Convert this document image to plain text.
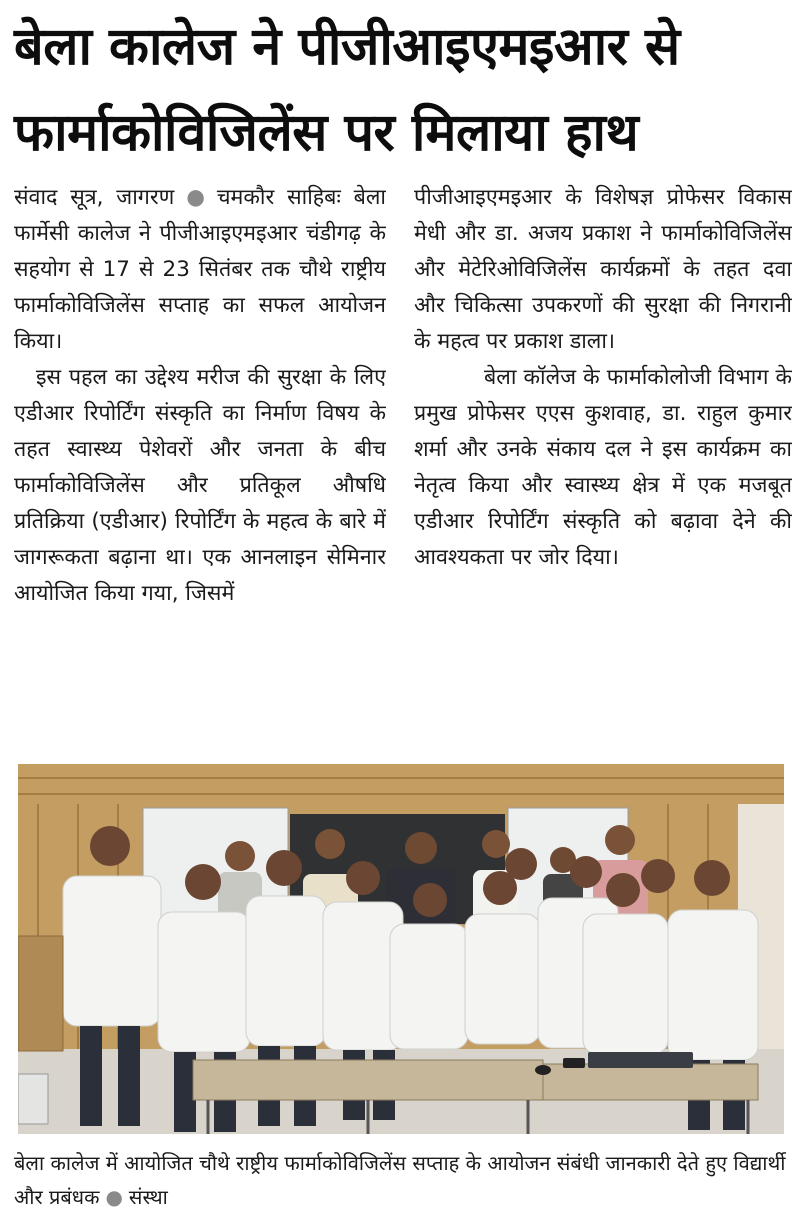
बेला कालेज ने पीजीआइएमइआर से
फार्माकोविजिलेंस पर मिलाया हाथ

संवाद सूत्र, जागरण ● चमकौर साहिबः बेला फार्मेसी कालेज ने पीजीआइएमइआर चंडीगढ़ के सहयोग से 17 से 23 सितंबर तक चौथे राष्ट्रीय फार्माकोविजिलेंस सप्ताह का सफल आयोजन किया।

इस पहल का उद्देश्य मरीज की सुरक्षा के लिए एडीआर रिपोर्टिंग संस्कृति का निर्माण विषय के तहत स्वास्थ्य पेशेवरों और जनता के बीच फार्माकोविजिलेंस और प्रतिकूल औषधि प्रतिक्रिया (एडीआर) रिपोर्टिंग के महत्व के बारे में जागरूकता बढ़ाना था। एक आनलाइन सेमिनार आयोजित किया गया, जिसमें

पीजीआइएमइआर के विशेषज्ञ प्रोफेसर विकास मेधी और डा. अजय प्रकाश ने फार्माकोविजिलेंस और मेटेरिओविजिलेंस कार्यक्रमों के तहत दवा और चिकित्सा उपकरणों की सुरक्षा की निगरानी के महत्व पर प्रकाश डाला।

बेला कॉलेज के फार्माकोलोजी विभाग के प्रमुख प्रोफेसर एएस कुशवाह, डा. राहुल कुमार शर्मा और उनके संकाय दल ने इस कार्यक्रम का नेतृत्व किया और स्वास्थ्य क्षेत्र में एक मजबूत एडीआर रिपोर्टिंग संस्कृति को बढ़ावा देने की आवश्यकता पर जोर दिया।

बेला कालेज में आयोजित चौथे राष्ट्रीय फार्माकोविजिलेंस सप्ताह के आयोजन संबंधी जानकारी देते हुए विद्यार्थी और प्रबंधक ● संस्था
